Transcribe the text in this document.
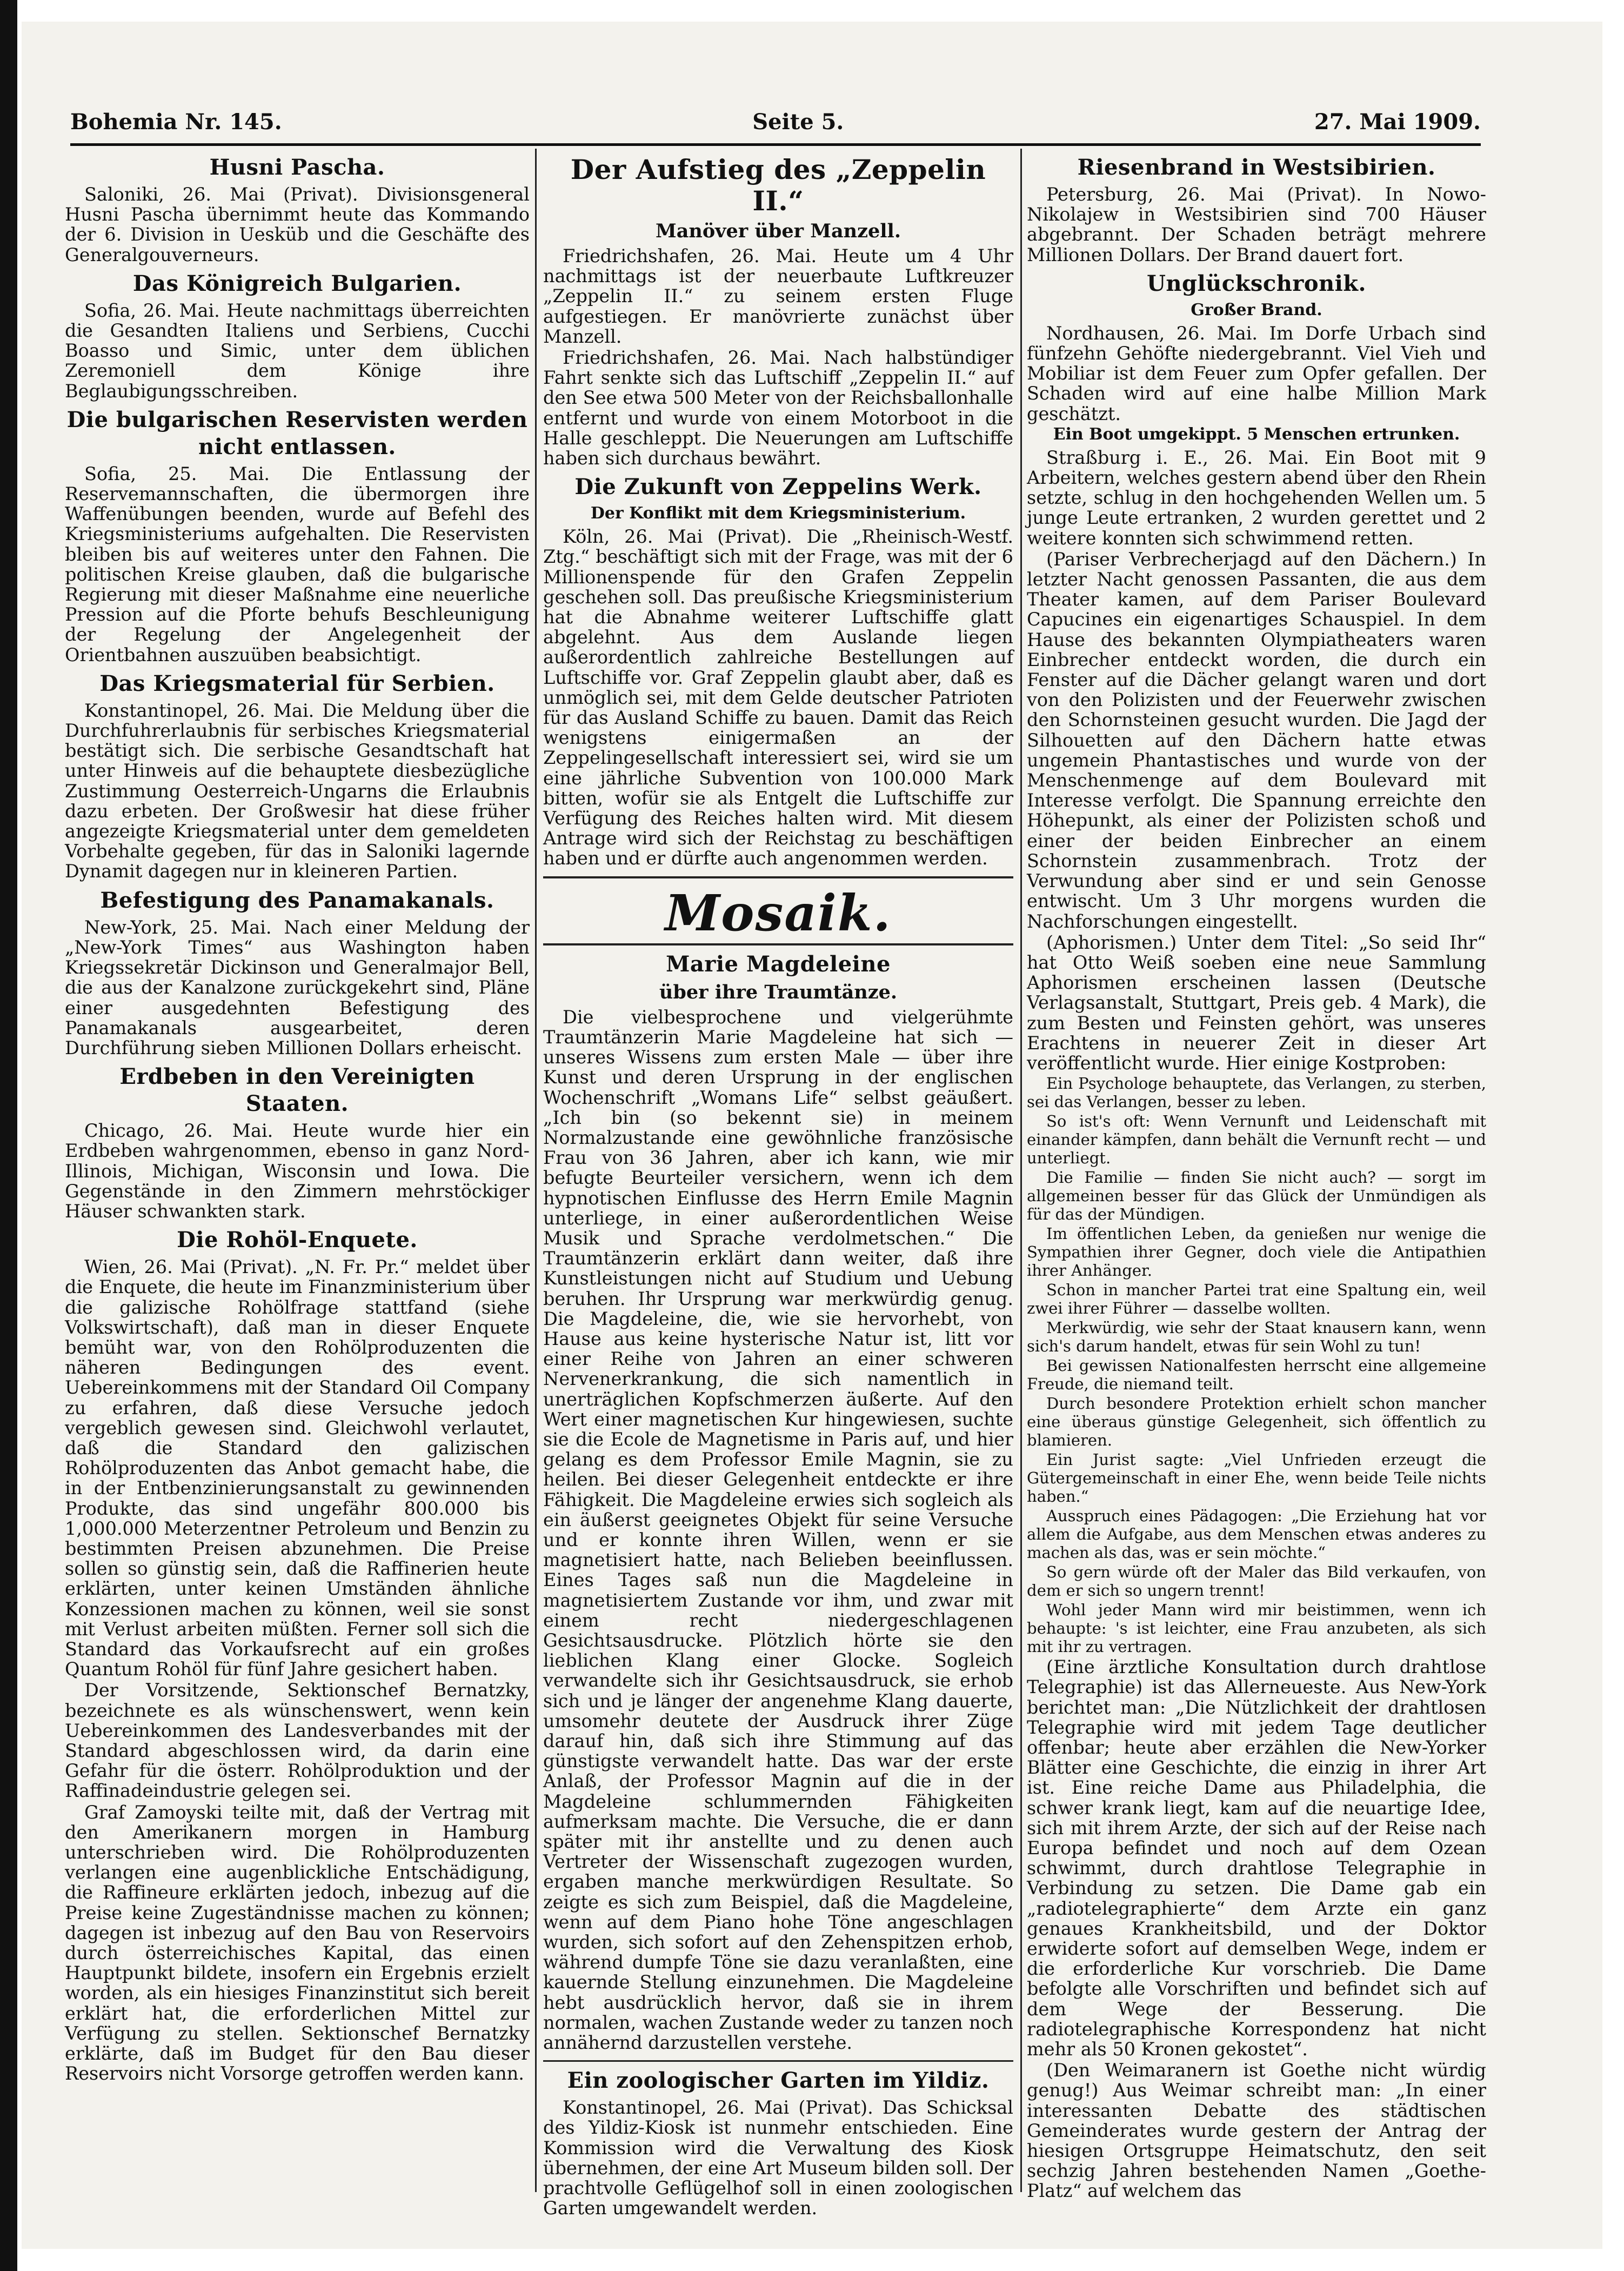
Bohemia Nr. 145.	Seite 5.	27. Mai 1909.
Husni Pascha.

Saloniki, 26. Mai (Privat). Divisionsgeneral Husni Pascha übernimmt heute das Kommando der 6. Division in Uesküb und die Geschäfte des Generalgouverneurs.

Das Königreich Bulgarien.

Sofia, 26. Mai. Heute nachmittags überreichten die Gesandten Italiens und Serbiens, Cucchi Boasso und Simic, unter dem üblichen Zeremoniell dem Könige ihre Beglaubigungsschreiben.

Die bulgarischen Reservisten werden nicht entlassen.

Sofia, 25. Mai. Die Entlassung der Reservemannschaften, die übermorgen ihre Waffenübungen beenden, wurde auf Befehl des Kriegsministeriums aufgehalten. Die Reservisten bleiben bis auf weiteres unter den Fahnen. Die politischen Kreise glauben, daß die bulgarische Regierung mit dieser Maßnahme eine neuerliche Pression auf die Pforte behufs Beschleunigung der Regelung der Angelegenheit der Orientbahnen auszuüben beabsichtigt.

Das Kriegsmaterial für Serbien.

Konstantinopel, 26. Mai. Die Meldung über die Durchfuhrerlaubnis für serbisches Kriegsmaterial bestätigt sich. Die serbische Gesandtschaft hat unter Hinweis auf die behauptete diesbezügliche Zustimmung Oesterreich-Ungarns die Erlaubnis dazu erbeten. Der Großwesir hat diese früher angezeigte Kriegsmaterial unter dem gemeldeten Vorbehalte gegeben, für das in Saloniki lagernde Dynamit dagegen nur in kleineren Partien.

Befestigung des Panamakanals.

New-York, 25. Mai. Nach einer Meldung der „New-York Times“ aus Washington haben Kriegssekretär Dickinson und Generalmajor Bell, die aus der Kanalzone zurückgekehrt sind, Pläne einer ausgedehnten Befestigung des Panamakanals ausgearbeitet, deren Durchführung sieben Millionen Dollars erheischt.

Erdbeben in den Vereinigten Staaten.

Chicago, 26. Mai. Heute wurde hier ein Erdbeben wahrgenommen, ebenso in ganz Nord-Illinois, Michigan, Wisconsin und Iowa. Die Gegenstände in den Zimmern mehrstöckiger Häuser schwankten stark.

Die Rohöl-Enquete.

Wien, 26. Mai (Privat). „N. Fr. Pr.“ meldet über die Enquete, die heute im Finanzministerium über die galizische Rohölfrage stattfand (siehe Volkswirtschaft), daß man in dieser Enquete bemüht war, von den Rohölproduzenten die näheren Bedingungen des event. Uebereinkommens mit der Standard Oil Company zu erfahren, daß diese Versuche jedoch vergeblich gewesen sind. Gleichwohl verlautet, daß die Standard den galizischen Rohölproduzenten das Anbot gemacht habe, die in der Entbenzinierungsanstalt zu gewinnenden Produkte, das sind ungefähr 800.000 bis 1,000.000 Meterzentner Petroleum und Benzin zu bestimmten Preisen abzunehmen. Die Preise sollen so günstig sein, daß die Raffinerien heute erklärten, unter keinen Umständen ähnliche Konzessionen machen zu können, weil sie sonst mit Verlust arbeiten müßten. Ferner soll sich die Standard das Vorkaufsrecht auf ein großes Quantum Rohöl für fünf Jahre gesichert haben.

Der Vorsitzende, Sektionschef Bernatzky, bezeichnete es als wünschenswert, wenn kein Uebereinkommen des Landesverbandes mit der Standard abgeschlossen wird, da darin eine Gefahr für die österr. Rohölproduktion und der Raffinadeindustrie gelegen sei.

Graf Zamoyski teilte mit, daß der Vertrag mit den Amerikanern morgen in Hamburg unterschrieben wird. Die Rohölproduzenten verlangen eine augenblickliche Entschädigung, die Raffineure erklärten jedoch, inbezug auf die Preise keine Zugeständnisse machen zu können; dagegen ist inbezug auf den Bau von Reservoirs durch österreichisches Kapital, das einen Hauptpunkt bildete, insofern ein Ergebnis erzielt worden, als ein hiesiges Finanzinstitut sich bereit erklärt hat, die erforderlichen Mittel zur Verfügung zu stellen. Sektionschef Bernatzky erklärte, daß im Budget für den Bau dieser Reservoirs nicht Vorsorge getroffen werden kann.

Der Aufstieg des „Zeppelin II.“
Manöver über Manzell.

Friedrichshafen, 26. Mai. Heute um 4 Uhr nachmittags ist der neuerbaute Luftkreuzer „Zeppelin II.“ zu seinem ersten Fluge aufgestiegen. Er manövrierte zunächst über Manzell.

Friedrichshafen, 26. Mai. Nach halbstündiger Fahrt senkte sich das Luftschiff „Zeppelin II.“ auf den See etwa 500 Meter von der Reichsballonhalle entfernt und wurde von einem Motorboot in die Halle geschleppt. Die Neuerungen am Luftschiffe haben sich durchaus bewährt.

Die Zukunft von Zeppelins Werk.
Der Konflikt mit dem Kriegsministerium.

Köln, 26. Mai (Privat). Die „Rheinisch-Westf. Ztg.“ beschäftigt sich mit der Frage, was mit der 6 Millionenspende für den Grafen Zeppelin geschehen soll. Das preußische Kriegsministerium hat die Abnahme weiterer Luftschiffe glatt abgelehnt. Aus dem Auslande liegen außerordentlich zahlreiche Bestellungen auf Luftschiffe vor. Graf Zeppelin glaubt aber, daß es unmöglich sei, mit dem Gelde deutscher Patrioten für das Ausland Schiffe zu bauen. Damit das Reich wenigstens einigermaßen an der Zeppelingesellschaft interessiert sei, wird sie um eine jährliche Subvention von 100.000 Mark bitten, wofür sie als Entgelt die Luftschiffe zur Verfügung des Reiches halten wird. Mit diesem Antrage wird sich der Reichstag zu beschäftigen haben und er dürfte auch angenommen werden.

Mosaik.
Marie Magdeleine
über ihre Traumtänze.

Die vielbesprochene und vielgerühmte Traumtänzerin Marie Magdeleine hat sich — unseres Wissens zum ersten Male — über ihre Kunst und deren Ursprung in der englischen Wochenschrift „Womans Life“ selbst geäußert. „Ich bin (so bekennt sie) in meinem Normalzustande eine gewöhnliche französische Frau von 36 Jahren, aber ich kann, wie mir befugte Beurteiler versichern, wenn ich dem hypnotischen Einflusse des Herrn Emile Magnin unterliege, in einer außerordentlichen Weise Musik und Sprache verdolmetschen.“ Die Traumtänzerin erklärt dann weiter, daß ihre Kunstleistungen nicht auf Studium und Uebung beruhen. Ihr Ursprung war merkwürdig genug. Die Magdeleine, die, wie sie hervorhebt, von Hause aus keine hysterische Natur ist, litt vor einer Reihe von Jahren an einer schweren Nervenerkrankung, die sich namentlich in unerträglichen Kopfschmerzen äußerte. Auf den Wert einer magnetischen Kur hingewiesen, suchte sie die Ecole de Magnetisme in Paris auf, und hier gelang es dem Professor Emile Magnin, sie zu heilen. Bei dieser Gelegenheit entdeckte er ihre Fähigkeit. Die Magdeleine erwies sich sogleich als ein äußerst geeignetes Objekt für seine Versuche und er konnte ihren Willen, wenn er sie magnetisiert hatte, nach Belieben beeinflussen. Eines Tages saß nun die Magdeleine in magnetisiertem Zustande vor ihm, und zwar mit einem recht niedergeschlagenen Gesichtsausdrucke. Plötzlich hörte sie den lieblichen Klang einer Glocke. Sogleich verwandelte sich ihr Gesichtsausdruck, sie erhob sich und je länger der angenehme Klang dauerte, umsomehr deutete der Ausdruck ihrer Züge darauf hin, daß sich ihre Stimmung auf das günstigste verwandelt hatte. Das war der erste Anlaß, der Professor Magnin auf die in der Magdeleine schlummernden Fähigkeiten aufmerksam machte. Die Versuche, die er dann später mit ihr anstellte und zu denen auch Vertreter der Wissenschaft zugezogen wurden, ergaben manche merkwürdigen Resultate. So zeigte es sich zum Beispiel, daß die Magdeleine, wenn auf dem Piano hohe Töne angeschlagen wurden, sich sofort auf den Zehenspitzen erhob, während dumpfe Töne sie dazu veranlaßten, eine kauernde Stellung einzunehmen. Die Magdeleine hebt ausdrücklich hervor, daß sie in ihrem normalen, wachen Zustande weder zu tanzen noch annähernd darzustellen verstehe.

Ein zoologischer Garten im Yildiz.

Konstantinopel, 26. Mai (Privat). Das Schicksal des Yildiz-Kiosk ist nunmehr entschieden. Eine Kommission wird die Verwaltung des Kiosk übernehmen, der eine Art Museum bilden soll. Der prachtvolle Geflügelhof soll in einen zoologischen Garten umgewandelt werden.

Riesenbrand in Westsibirien.

Petersburg, 26. Mai (Privat). In Nowo-Nikolajew in Westsibirien sind 700 Häuser abgebrannt. Der Schaden beträgt mehrere Millionen Dollars. Der Brand dauert fort.

Unglückschronik.
Großer Brand.

Nordhausen, 26. Mai. Im Dorfe Urbach sind fünfzehn Gehöfte niedergebrannt. Viel Vieh und Mobiliar ist dem Feuer zum Opfer gefallen. Der Schaden wird auf eine halbe Million Mark geschätzt.

Ein Boot umgekippt. 5 Menschen ertrunken.

Straßburg i. E., 26. Mai. Ein Boot mit 9 Arbeitern, welches gestern abend über den Rhein setzte, schlug in den hochgehenden Wellen um. 5 junge Leute ertranken, 2 wurden gerettet und 2 weitere konnten sich schwimmend retten.

(Pariser Verbrecherjagd auf den Dächern.) In letzter Nacht genossen Passanten, die aus dem Theater kamen, auf dem Pariser Boulevard Capucines ein eigenartiges Schauspiel. In dem Hause des bekannten Olympiatheaters waren Einbrecher entdeckt worden, die durch ein Fenster auf die Dächer gelangt waren und dort von den Polizisten und der Feuerwehr zwischen den Schornsteinen gesucht wurden. Die Jagd der Silhouetten auf den Dächern hatte etwas ungemein Phantastisches und wurde von der Menschenmenge auf dem Boulevard mit Interesse verfolgt. Die Spannung erreichte den Höhepunkt, als einer der Polizisten schoß und einer der beiden Einbrecher an einem Schornstein zusammenbrach. Trotz der Verwundung aber sind er und sein Genosse entwischt. Um 3 Uhr morgens wurden die Nachforschungen eingestellt.

(Aphorismen.) Unter dem Titel: „So seid Ihr“ hat Otto Weiß soeben eine neue Sammlung Aphorismen erscheinen lassen (Deutsche Verlagsanstalt, Stuttgart, Preis geb. 4 Mark), die zum Besten und Feinsten gehört, was unseres Erachtens in neuerer Zeit in dieser Art veröffentlicht wurde. Hier einige Kostproben:

Ein Psychologe behauptete, das Verlangen, zu sterben, sei das Verlangen, besser zu leben.

So ist's oft: Wenn Vernunft und Leidenschaft mit einander kämpfen, dann behält die Vernunft recht — und unterliegt.

Die Familie — finden Sie nicht auch? — sorgt im allgemeinen besser für das Glück der Unmündigen als für das der Mündigen.

Im öffentlichen Leben, da genießen nur wenige die Sympathien ihrer Gegner, doch viele die Antipathien ihrer Anhänger.

Schon in mancher Partei trat eine Spaltung ein, weil zwei ihrer Führer — dasselbe wollten.

Merkwürdig, wie sehr der Staat knausern kann, wenn sich's darum handelt, etwas für sein Wohl zu tun!

Bei gewissen Nationalfesten herrscht eine allgemeine Freude, die niemand teilt.

Durch besondere Protektion erhielt schon mancher eine überaus günstige Gelegenheit, sich öffentlich zu blamieren.

Ein Jurist sagte: „Viel Unfrieden erzeugt die Gütergemeinschaft in einer Ehe, wenn beide Teile nichts haben.“

Ausspruch eines Pädagogen: „Die Erziehung hat vor allem die Aufgabe, aus dem Menschen etwas anderes zu machen als das, was er sein möchte.“

So gern würde oft der Maler das Bild verkaufen, von dem er sich so ungern trennt!

Wohl jeder Mann wird mir beistimmen, wenn ich behaupte: 's ist leichter, eine Frau anzubeten, als sich mit ihr zu vertragen.

(Eine ärztliche Konsultation durch drahtlose Telegraphie) ist das Allerneueste. Aus New-York berichtet man: „Die Nützlichkeit der drahtlosen Telegraphie wird mit jedem Tage deutlicher offenbar; heute aber erzählen die New-Yorker Blätter eine Geschichte, die einzig in ihrer Art ist. Eine reiche Dame aus Philadelphia, die schwer krank liegt, kam auf die neuartige Idee, sich mit ihrem Arzte, der sich auf der Reise nach Europa befindet und noch auf dem Ozean schwimmt, durch drahtlose Telegraphie in Verbindung zu setzen. Die Dame gab ein „radiotelegraphierte“ dem Arzte ein ganz genaues Krankheitsbild, und der Doktor erwiderte sofort auf demselben Wege, indem er die erforderliche Kur vorschrieb. Die Dame befolgte alle Vorschriften und befindet sich auf dem Wege der Besserung. Die radiotelegraphische Korrespondenz hat nicht mehr als 50 Kronen gekostet“.

(Den Weimaranern ist Goethe nicht würdig genug!) Aus Weimar schreibt man: „In einer interessanten Debatte des städtischen Gemeinderates wurde gestern der Antrag der hiesigen Ortsgruppe Heimatschutz, den seit sechzig Jahren bestehenden Namen „Goethe-Platz“ auf welchem das
